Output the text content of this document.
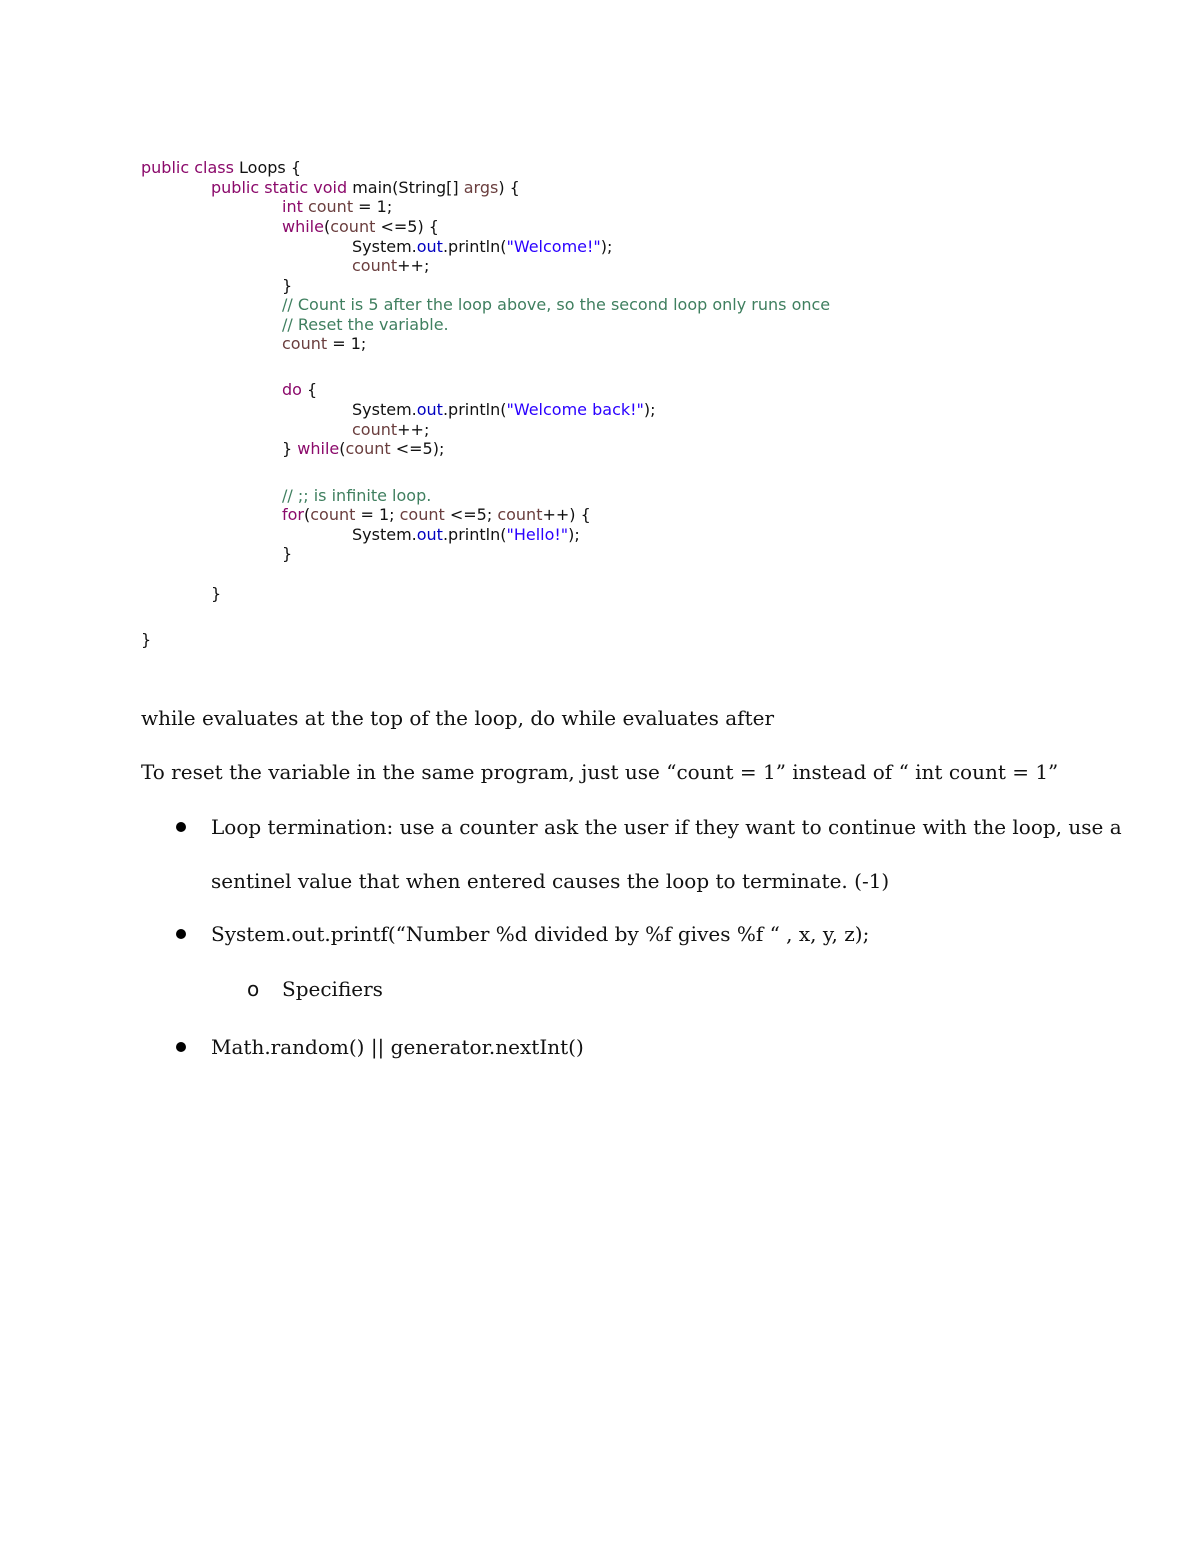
public class Loops {
public static void main(String[] args) {
int count = 1;
while(count <=5) {
System.out.println("Welcome!");
count++;
}
// Count is 5 after the loop above, so the second loop only runs once
// Reset the variable.
count = 1;
do {
System.out.println("Welcome back!");
count++;
} while(count <=5);
// ;; is infinite loop.
for(count = 1; count <=5; count++) {
System.out.println("Hello!");
}
}
}
while evaluates at the top of the loop, do while evaluates after
To reset the variable in the same program, just use “count = 1” instead of “ int count = 1”
Loop termination: use a counter ask the user if they want to continue with the loop, use a
sentinel value that when entered causes the loop to terminate. (-1)
System.out.printf(“Number %d divided by %f gives %f “ , x, y, z);
o Specifiers
Math.random() || generator.nextInt()
